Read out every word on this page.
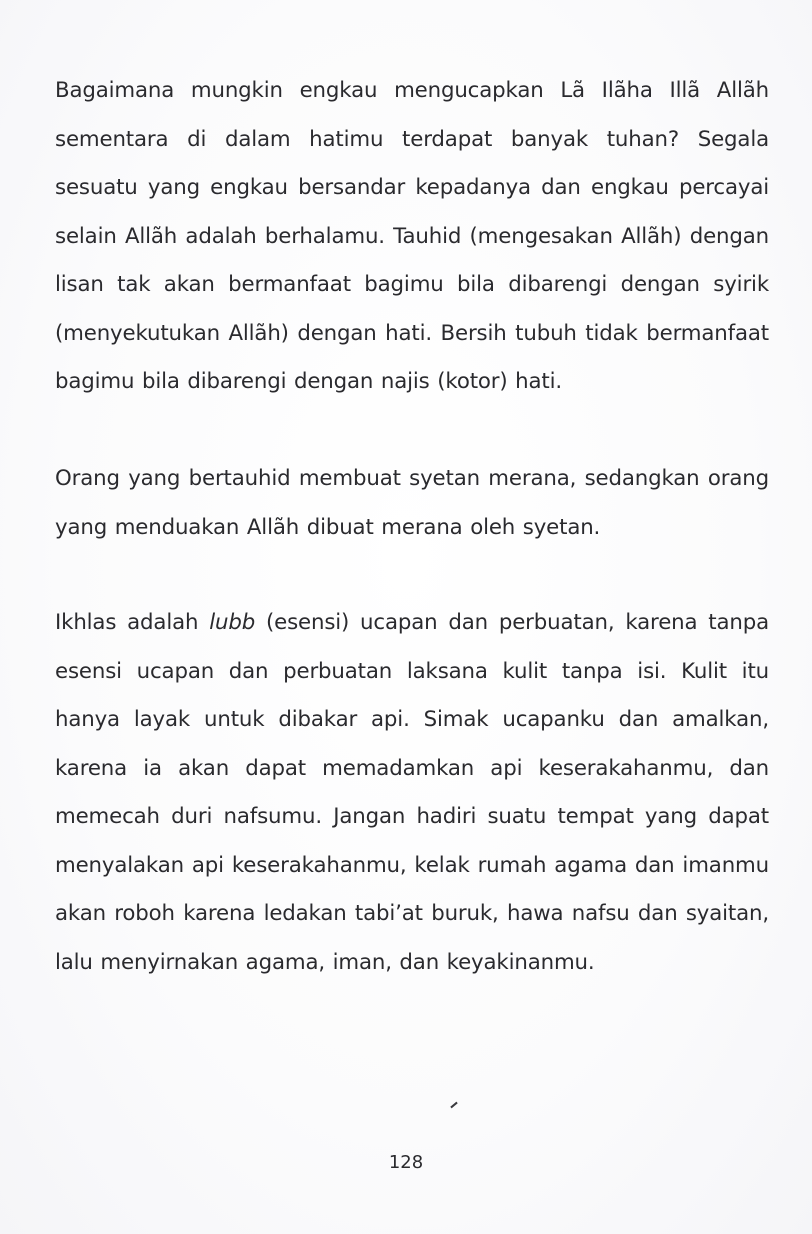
Bagaimana mungkin engkau mengucapkan Lã Ilãha Illã Allãh sementara di dalam hatimu terdapat banyak tuhan? Segala sesuatu yang engkau bersandar kepadanya dan engkau percayai selain Allãh adalah berhalamu. Tauhid (mengesakan Allãh) dengan lisan tak akan bermanfaat bagimu bila dibarengi dengan syirik (menyekutukan Allãh) dengan hati. Bersih tubuh tidak bermanfaat bagimu bila dibarengi dengan najis (kotor) hati.

Orang yang bertauhid membuat syetan merana, sedangkan orang yang menduakan Allãh dibuat merana oleh syetan.

Ikhlas adalah lubb (esensi) ucapan dan perbuatan, karena tanpa esensi ucapan dan perbuatan laksana kulit tanpa isi. Kulit itu hanya layak untuk dibakar api. Simak ucapanku dan amalkan, karena ia akan dapat memadamkan api keserakahanmu, dan memecah duri nafsumu. Jangan hadiri suatu tempat yang dapat menyalakan api keserakahanmu, kelak rumah agama dan imanmu akan roboh karena ledakan tabi’at buruk, hawa nafsu dan syaitan, lalu menyirnakan agama, iman, dan keyakinanmu.

128
